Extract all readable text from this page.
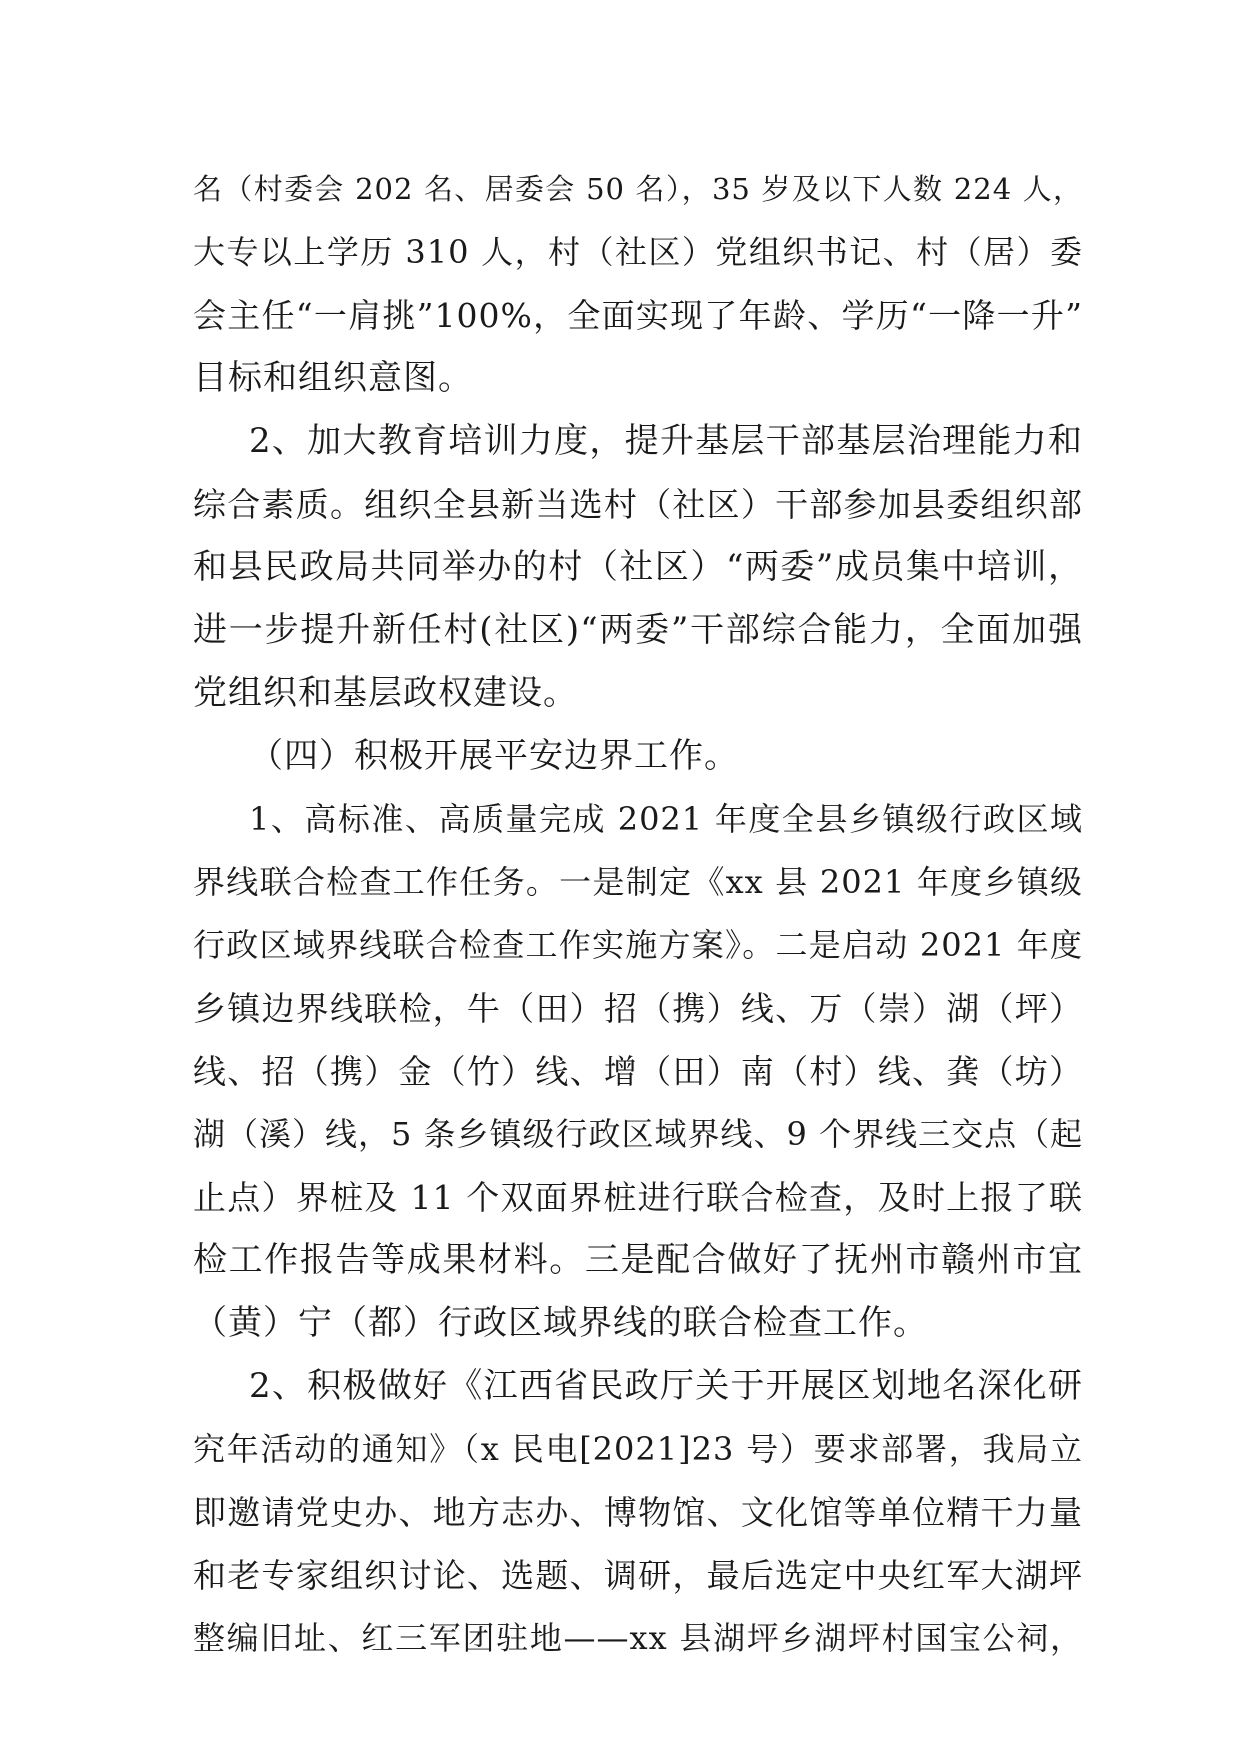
名（村委会 202 名、居委会 50 名），35 岁及以下人数 224 人，
大专以上学历 310 人，村（社区）党组织书记、村（居）委
会主任“一肩挑”100%，全面实现了年龄、学历“一降一升”
目标和组织意图。
2、加大教育培训力度，提升基层干部基层治理能力和
综合素质。组织全县新当选村（社区）干部参加县委组织部
和县民政局共同举办的村（社区）“两委”成员集中培训，
进一步提升新任村(社区)“两委”干部综合能力，全面加强
党组织和基层政权建设。
（四）积极开展平安边界工作。
1、高标准、高质量完成 2021 年度全县乡镇级行政区域
界线联合检查工作任务。一是制定《xx 县 2021 年度乡镇级
行政区域界线联合检查工作实施方案》。二是启动 2021 年度
乡镇边界线联检，牛（田）招（携）线、万（崇）湖（坪）
线、招（携）金（竹）线、增（田）南（村）线、龚（坊）
湖（溪）线，5 条乡镇级行政区域界线、9 个界线三交点（起
止点）界桩及 11 个双面界桩进行联合检查，及时上报了联
检工作报告等成果材料。三是配合做好了抚州市赣州市宜
（黄）宁（都）行政区域界线的联合检查工作。
2、积极做好《江西省民政厅关于开展区划地名深化研
究年活动的通知》（x 民电[2021]23 号）要求部署，我局立
即邀请党史办、地方志办、博物馆、文化馆等单位精干力量
和老专家组织讨论、选题、调研，最后选定中央红军大湖坪
整编旧址、红三军团驻地——xx 县湖坪乡湖坪村国宝公祠，
